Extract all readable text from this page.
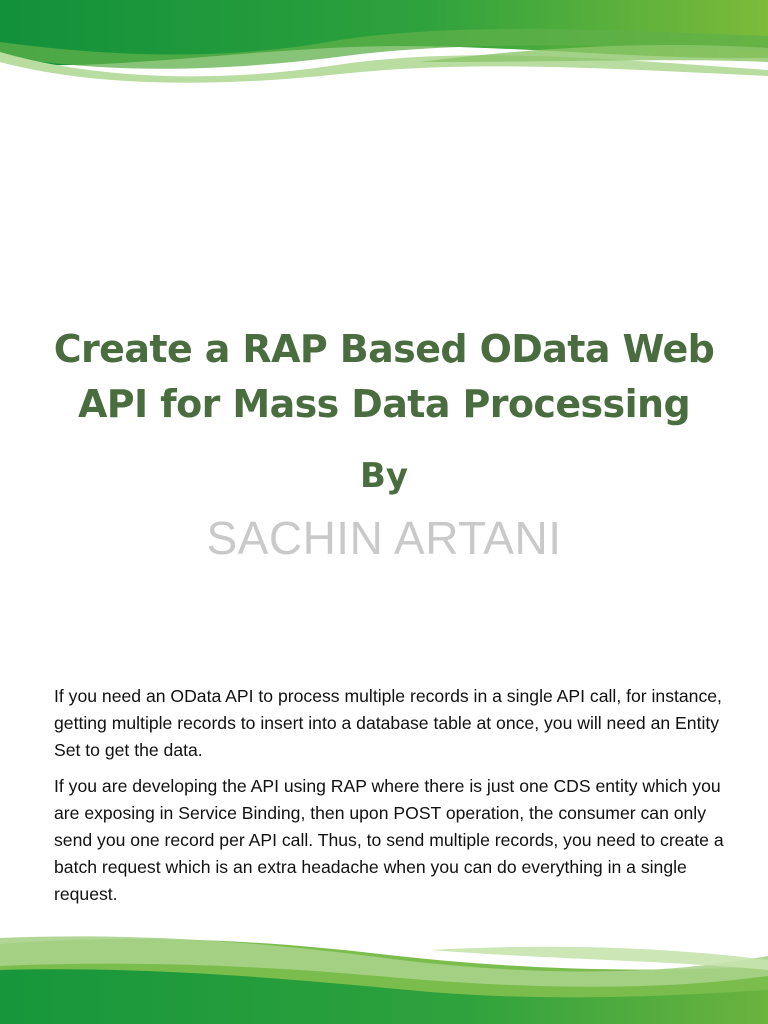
Create a RAP Based OData Web
API for Mass Data Processing
By
SACHIN ARTANI

If you need an OData API to process multiple records in a single API call, for instance, getting multiple records to insert into a database table at once, you will need an Entity Set to get the data.

If you are developing the API using RAP where there is just one CDS entity which you are exposing in Service Binding, then upon POST operation, the consumer can only send you one record per API call. Thus, to send multiple records, you need to create a batch request which is an extra headache when you can do everything in a single request.
